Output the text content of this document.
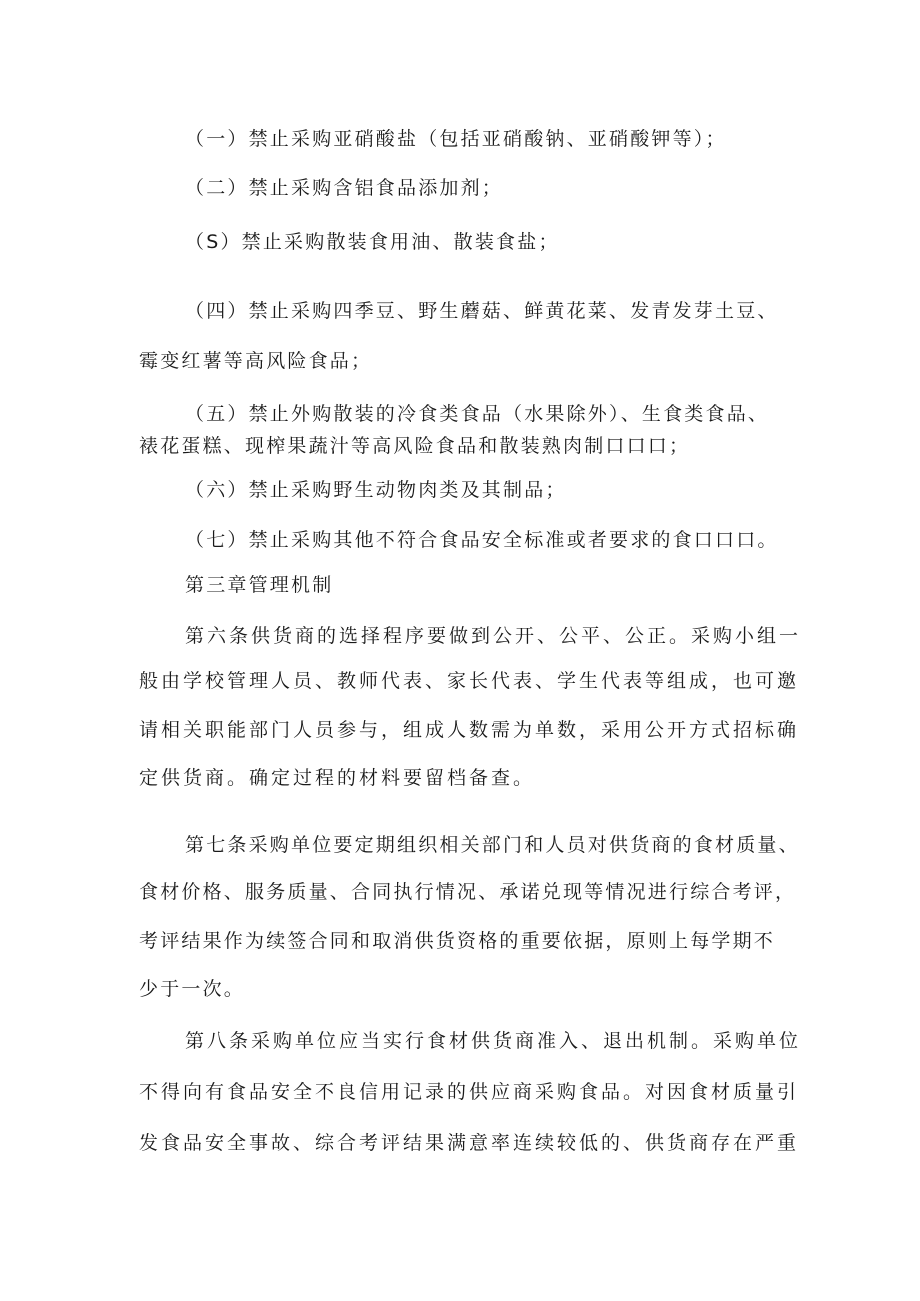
（一）禁止采购亚硝酸盐（包括亚硝酸钠、亚硝酸钾等）；
（二）禁止采购含铝食品添加剂；
（S）禁止采购散装食用油、散装食盐；
（四）禁止采购四季豆、野生蘑菇、鲜黄花菜、发青发芽土豆、
霉变红薯等高风险食品；
（五）禁止外购散装的冷食类食品（水果除外）、生食类食品、
裱花蛋糕、现榨果蔬汁等高风险食品和散装熟肉制口口口；
（六）禁止采购野生动物肉类及其制品；
（七）禁止采购其他不符合食品安全标准或者要求的食口口口。
第三章管理机制
第六条供货商的选择程序要做到公开、公平、公正。采购小组一
般由学校管理人员、教师代表、家长代表、学生代表等组成，也可邀
请相关职能部门人员参与，组成人数需为单数，采用公开方式招标确
定供货商。确定过程的材料要留档备查。
第七条采购单位要定期组织相关部门和人员对供货商的食材质量、
食材价格、服务质量、合同执行情况、承诺兑现等情况进行综合考评，
考评结果作为续签合同和取消供货资格的重要依据，原则上每学期不
少于一次。
第八条采购单位应当实行食材供货商准入、退出机制。采购单位
不得向有食品安全不良信用记录的供应商采购食品。对因食材质量引
发食品安全事故、综合考评结果满意率连续较低的、供货商存在严重
